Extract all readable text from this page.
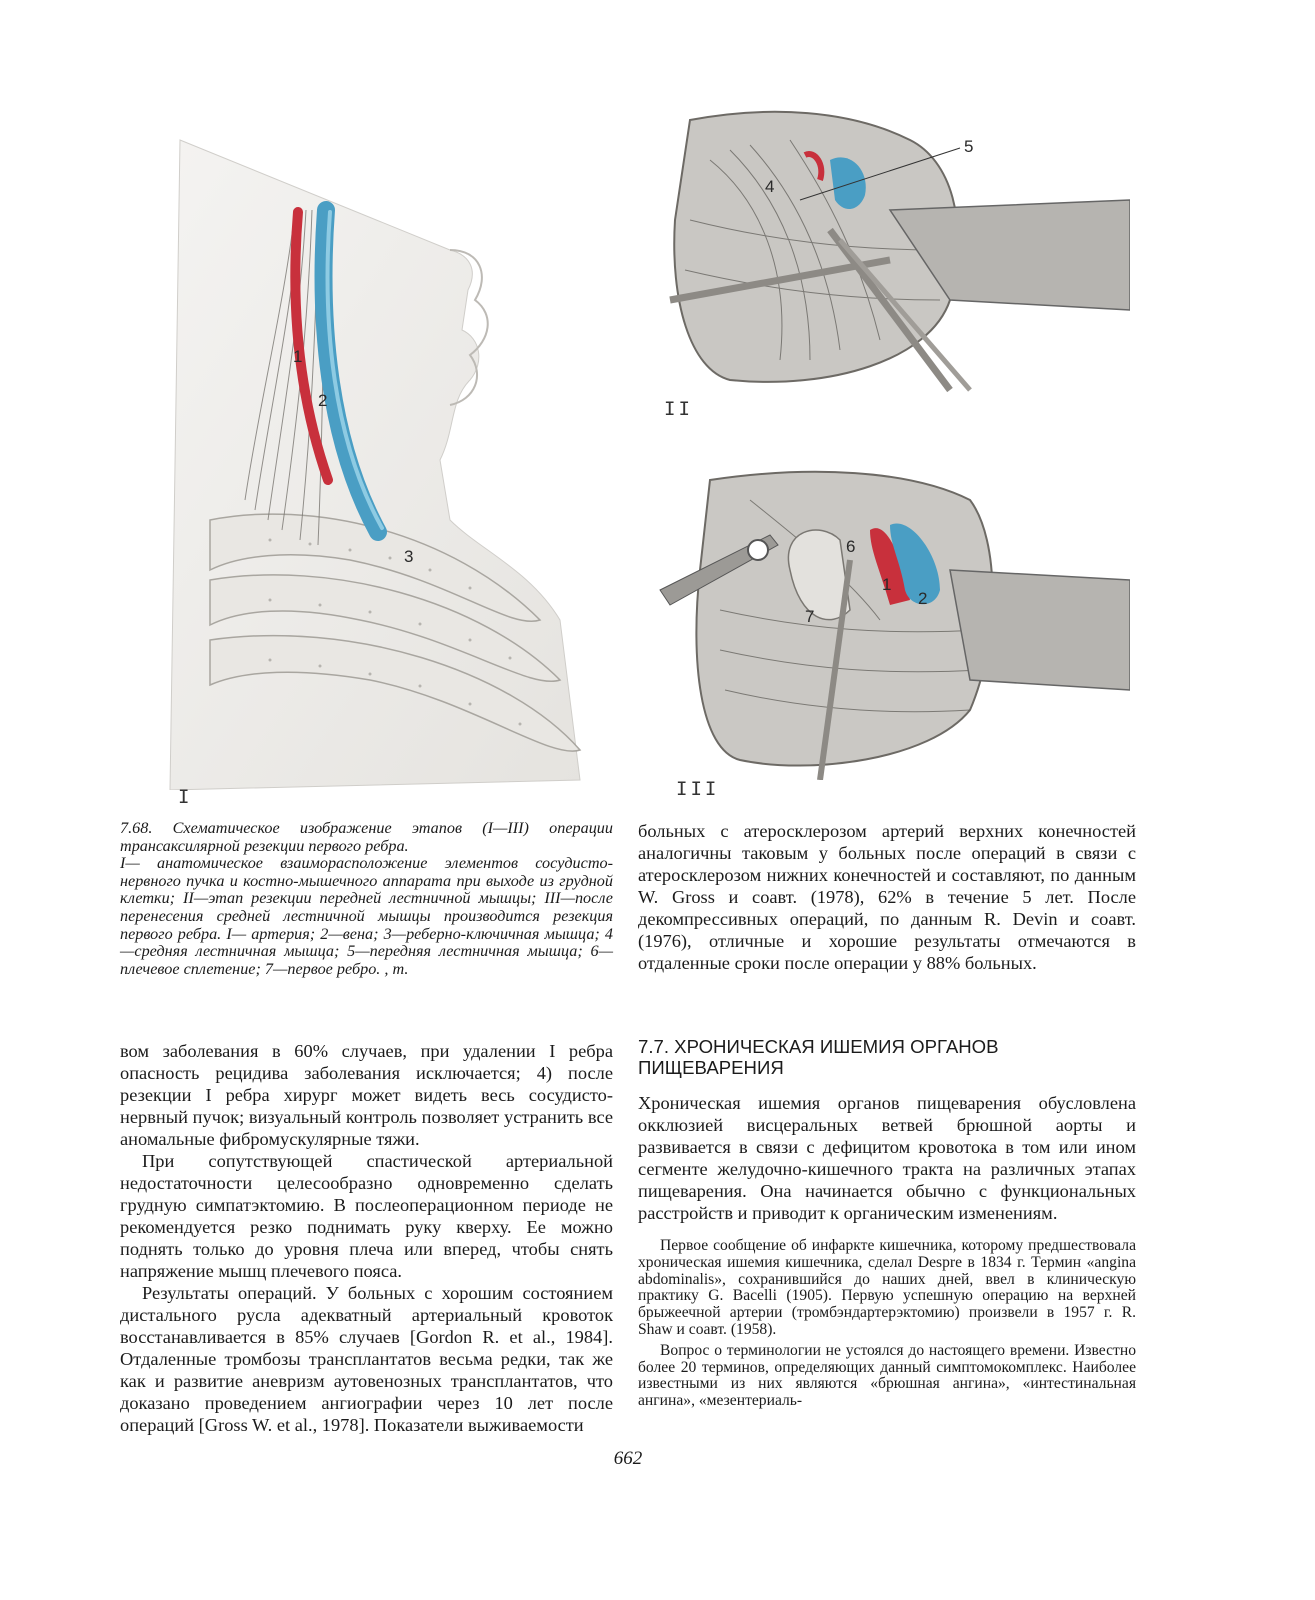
1
2
3
I
4
5
II
6
1
2
7
III

7.68. Схематическое изображение этапов (I—III) операции трансаксилярной резекции первого ребра.

I— анатомическое взаиморасположение элементов сосудисто-нервного пучка и костно-мышечного аппарата при выходе из грудной клетки; II—этап резекции передней лестничной мышцы; III—после перенесения средней лестничной мышцы производится резекция первого ребра. I— артерия; 2—вена; 3—реберно-ключичная мышца; 4—средняя лестничная мышца; 5—передняя лестничная мышца; 6—плечевое сплетение; 7—первое ребро. , т.

больных с атеросклерозом артерий верхних конечностей аналогичны таковым у больных после операций в связи с атеросклерозом нижних конечностей и составляют, по данным W. Gross и соавт. (1978), 62% в течение 5 лет. После декомпрессивных операций, по данным R. Devin и соавт. (1976), отличные и хорошие результаты отмечаются в отдаленные сроки после операции у 88% больных.

вом заболевания в 60% случаев, при удалении I ребра опасность рецидива заболевания исключается; 4) после резекции I ребра хирург может видеть весь сосудисто-нервный пучок; визуальный контроль позволяет устранить все аномальные фибромускулярные тяжи.

При сопутствующей спастической артериальной недостаточности целесообразно одновременно сделать грудную симпатэктомию. В послеоперационном периоде не рекомендуется резко поднимать руку кверху. Ее можно поднять только до уровня плеча или вперед, чтобы снять напряжение мышц плечевого пояса.

Результаты операций. У больных с хорошим состоянием дистального русла адекватный артериальный кровоток восстанавливается в 85% случаев [Gordon R. et al., 1984]. Отдаленные тромбозы трансплантатов весьма редки, так же как и развитие аневризм аутовенозных трансплантатов, что доказано проведением ангиографии через 10 лет после операций [Gross W. et al., 1978]. Показатели выживаемости

7.7. ХРОНИЧЕСКАЯ ИШЕМИЯ ОРГАНОВ
ПИЩЕВАРЕНИЯ

Хроническая ишемия органов пищеварения обусловлена окклюзией висцеральных ветвей брюшной аорты и развивается в связи с дефицитом кровотока в том или ином сегменте желудочно-кишечного тракта на различных этапах пищеварения. Она начинается обычно с функциональных расстройств и приводит к органическим изменениям.

Первое сообщение об инфаркте кишечника, которому предшествовала хроническая ишемия кишечника, сделал Despre в 1834 г. Термин «angina abdominalis», сохранившийся до наших дней, ввел в клиническую практику G. Bacelli (1905). Первую успешную операцию на верхней брыжеечной артерии (тромбэндартерэктомию) произвели в 1957 г. R. Shaw и соавт. (1958).

Вопрос о терминологии не устоялся до настоящего времени. Известно более 20 терминов, определяющих данный симптомокомплекс. Наиболее известными из них являются «брюшная ангина», «интестинальная ангина», «мезентериаль-

662
